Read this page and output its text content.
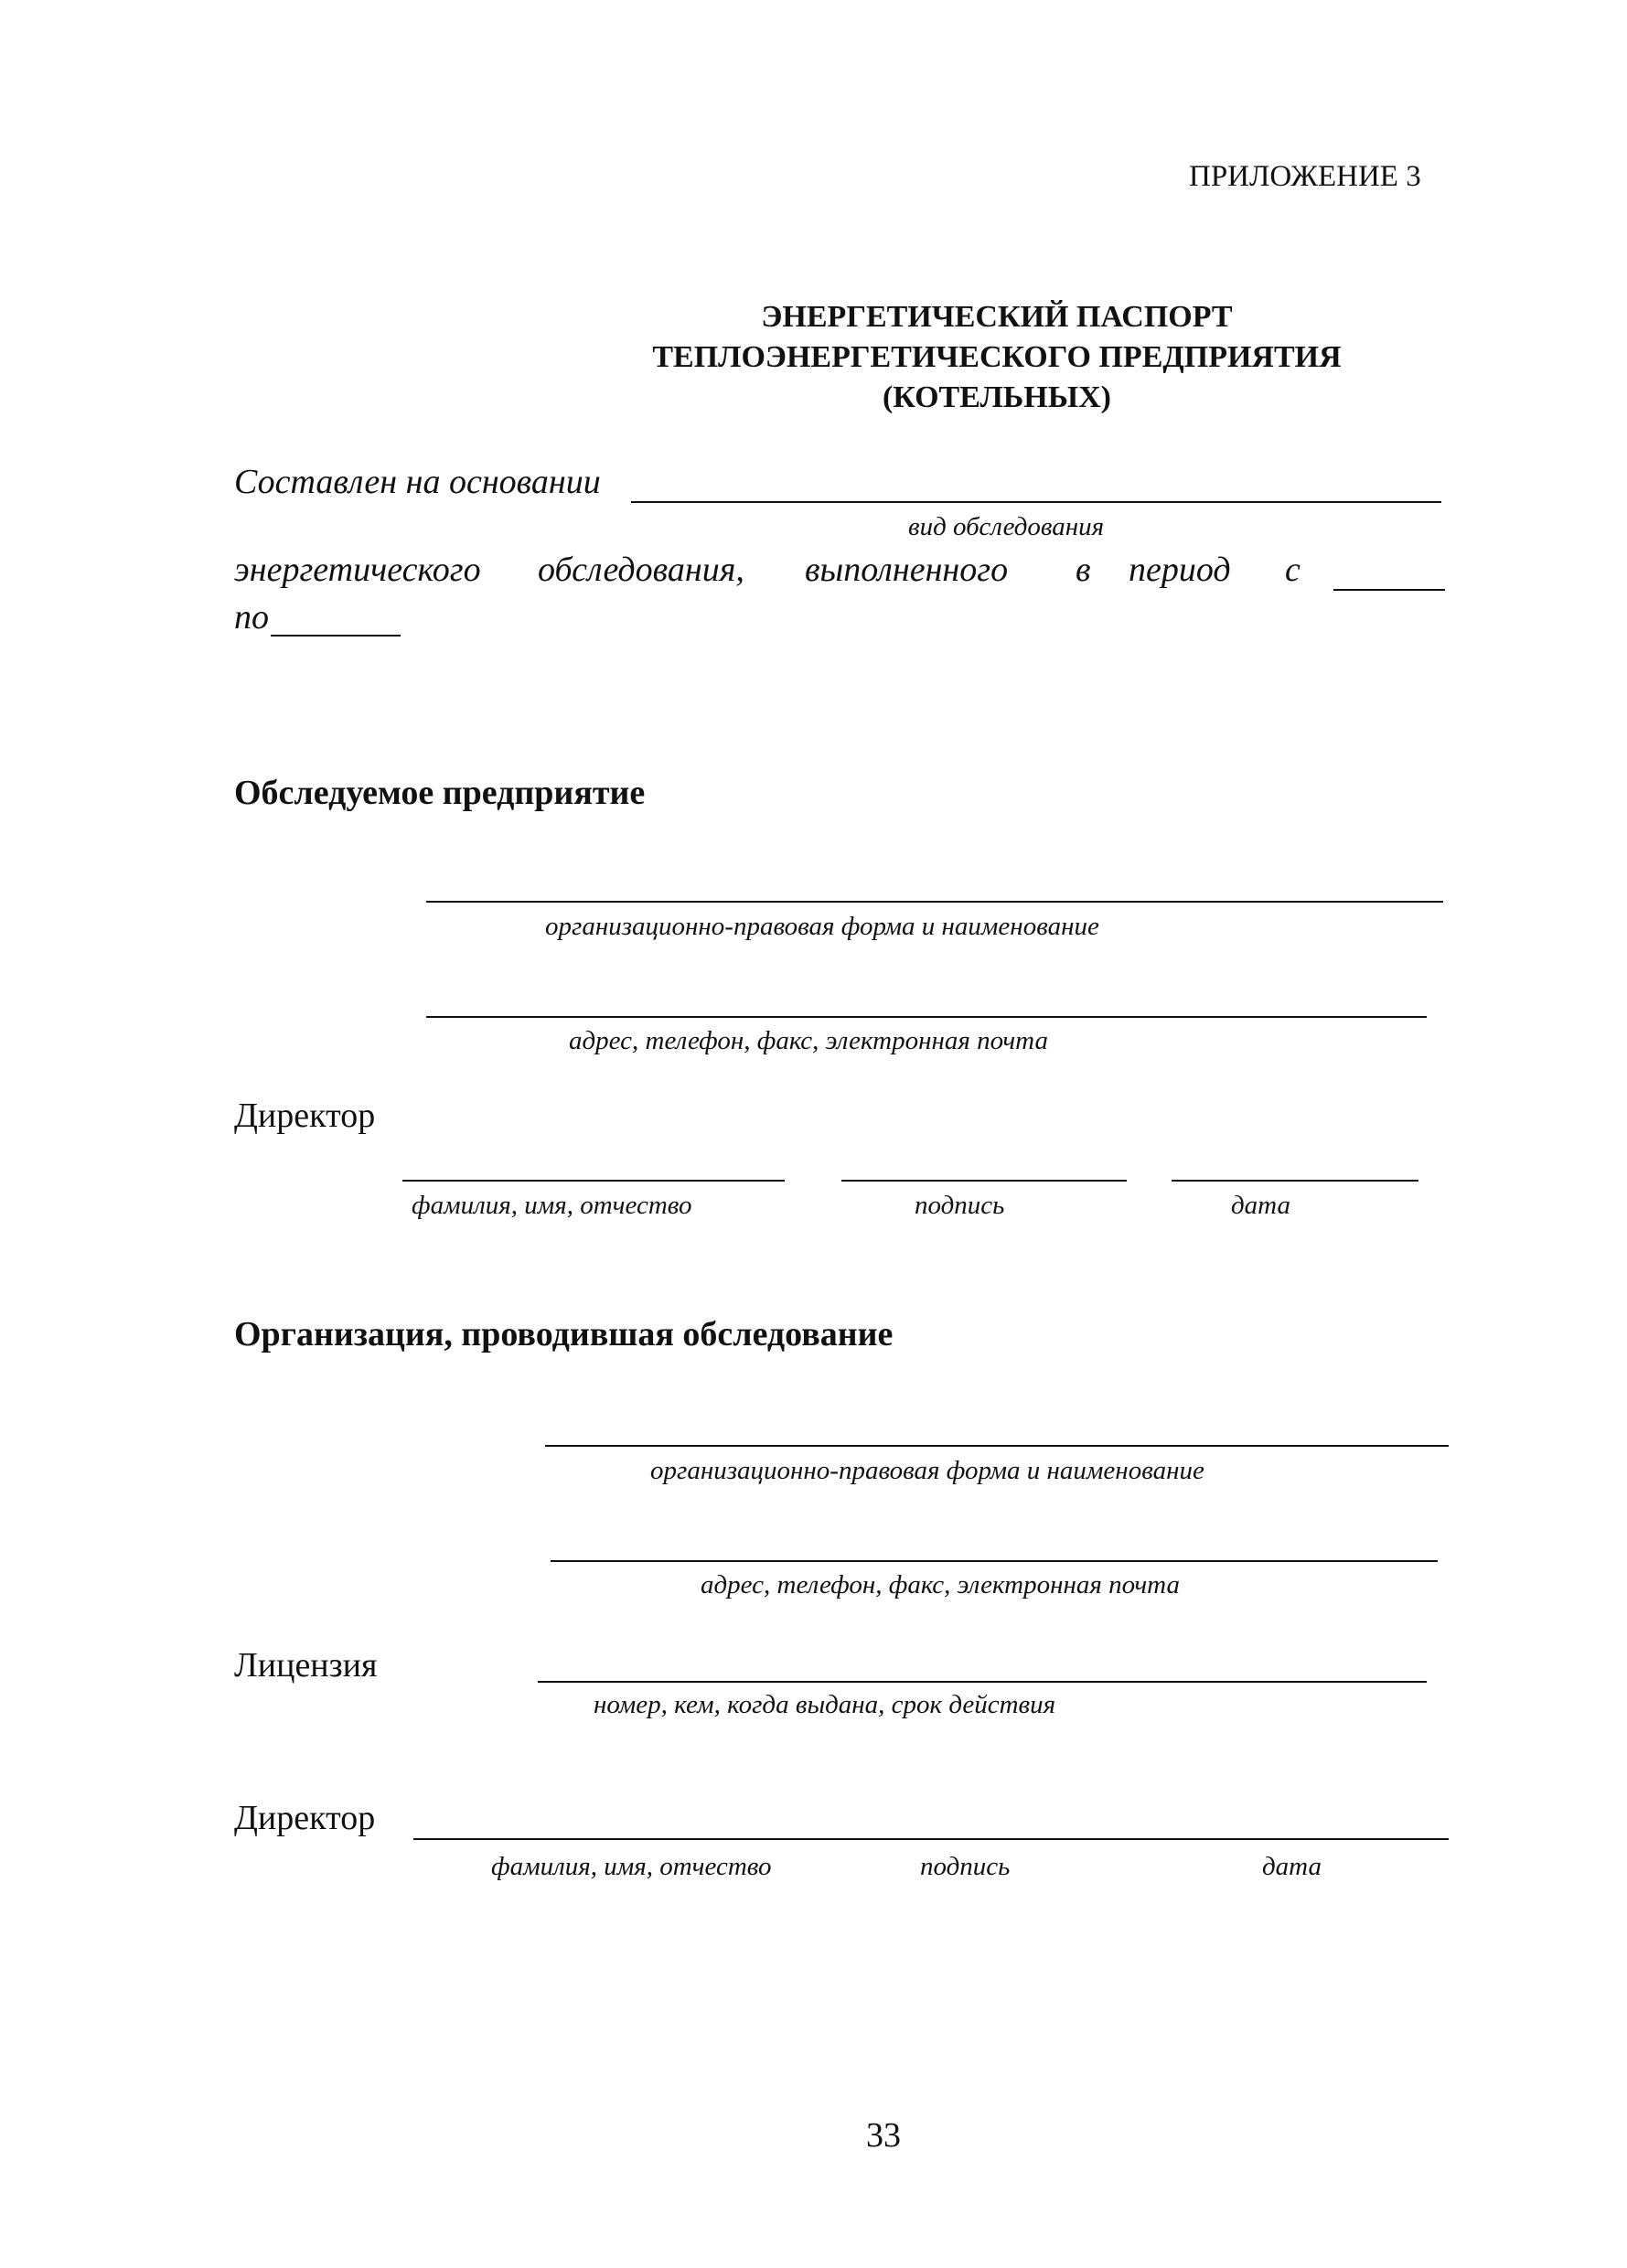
ПРИЛОЖЕНИЕ 3
ЭНЕРГЕТИЧЕСКИЙ ПАСПОРТ
ТЕПЛОЭНЕРГЕТИЧЕСКОГО ПРЕДПРИЯТИЯ
(КОТЕЛЬНЫХ)
Составлен на основании
вид обследования
энергетического обследования, выполненного в период с
по
Обследуемое предприятие
организационно-правовая форма и наименование
адрес, телефон, факс, электронная почта
Директор
фамилия, имя, отчество	подпись	дата
Организация, проводившая обследование
организационно-правовая форма и наименование
адрес, телефон, факс, электронная почта
Лицензия
номер, кем, когда выдана, срок действия
Директор
фамилия, имя, отчество	подпись	дата
33
